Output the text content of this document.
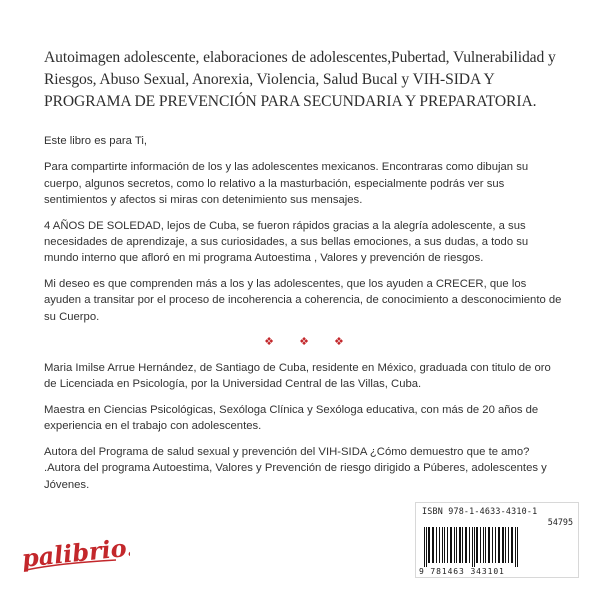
Autoimagen adolescente, elaboraciones de adolescentes,Pubertad, Vulnerabilidad y Riesgos, Abuso Sexual, Anorexia, Violencia, Salud Bucal y VIH-SIDA Y PROGRAMA DE PREVENCIÓN PARA SECUNDARIA Y PREPARATORIA.

Este libro es para Ti,

Para compartirte información de los y las adolescentes mexicanos. Encontraras como dibujan su cuerpo, algunos secretos, como lo relativo a la masturbación, especialmente podrás ver sus sentimientos y afectos si miras con detenimiento sus mensajes.

4 AÑOS DE SOLEDAD, lejos de Cuba, se fueron rápidos gracias a la alegría adolescente, a sus necesidades de aprendizaje, a sus curiosidades, a sus bellas emociones, a sus dudas, a todo su mundo interno que afloró en mi programa Autoestima , Valores y prevención de riesgos.

Mi deseo es que comprenden más a los y las adolescentes, que los ayuden a CRECER, que los ayuden a transitar por el proceso de incoherencia a coherencia, de conocimiento a desconocimiento de su Cuerpo.

❖ ❖ ❖

Maria Imilse Arrue Hernández, de Santiago de Cuba, residente en México, graduada con titulo de oro de Licenciada en Psicología, por la Universidad Central de las Villas, Cuba.

Maestra en Ciencias Psicológicas, Sexóloga Clínica y Sexóloga educativa, con más de 20 años de experiencia en el trabajo con adolescentes.

Autora del Programa de salud sexual y prevención del VIH-SIDA ¿Cómo demuestro que te amo? .Autora del programa Autoestima, Valores y Prevención de riesgo dirigido a Púberes, adolescentes y Jóvenes.

palibrio.
ISBN 978-1-4633-4310-1
54795
9 781463 343101
